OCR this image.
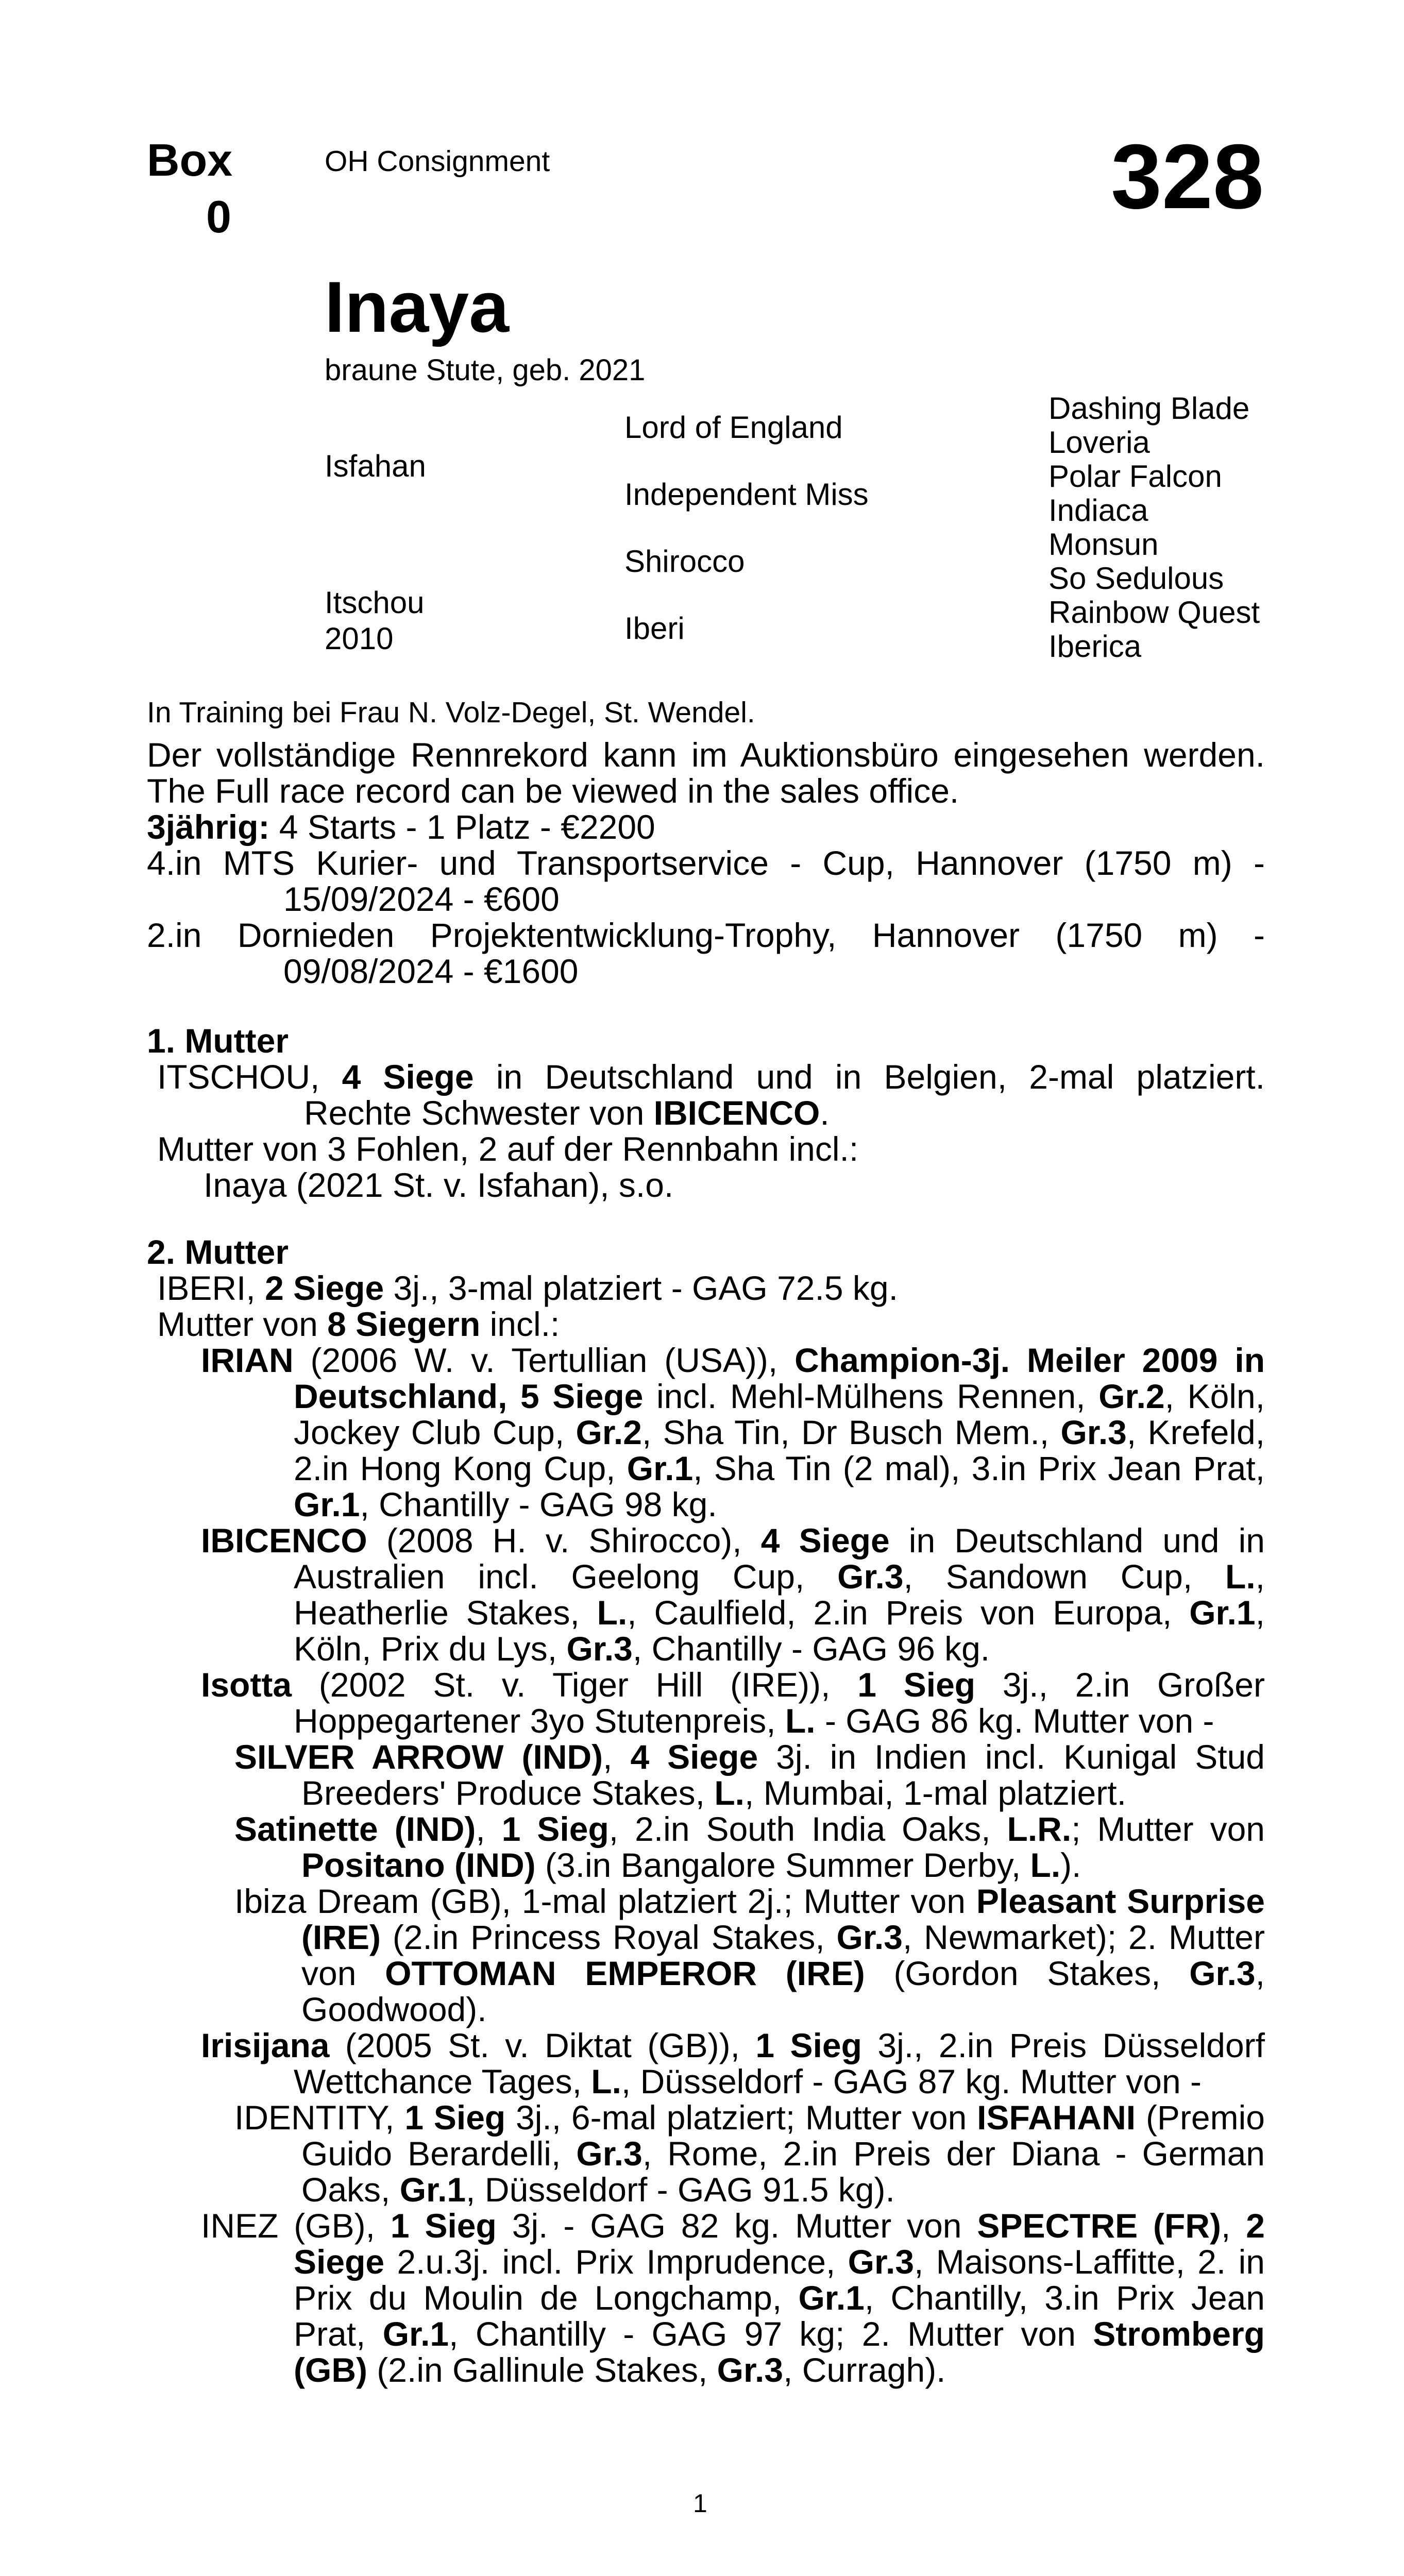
Box
0
OH Consignment	328
Inaya
braune Stute, geb. 2021
Isfahan
Itschou
2010
Lord of England
Independent Miss
Shirocco
Iberi
Dashing Blade
Loveria
Polar Falcon
Indiaca
Monsun
So Sedulous
Rainbow Quest
Iberica
In Training bei Frau N. Volz-Degel, St. Wendel.
Der vollständige Rennrekord kann im Auktionsbüro eingesehen werden.
The Full race record can be viewed in the sales office.
3jährig: 4 Starts - 1 Platz - €2200
4.in MTS Kurier- und Transportservice - Cup, Hannover (1750 m) -
15/09/2024 - €600
2.in Dornieden Projektentwicklung-Trophy, Hannover (1750 m) -
09/08/2024 - €1600
1. Mutter
ITSCHOU, 4 Siege in Deutschland und in Belgien, 2-mal platziert.
Rechte Schwester von IBICENCO.
Mutter von 3 Fohlen, 2 auf der Rennbahn incl.:
Inaya (2021 St. v. Isfahan), s.o.
2. Mutter
IBERI, 2 Siege 3j., 3-mal platziert - GAG 72.5 kg.
Mutter von 8 Siegern incl.:
IRIAN (2006 W. v. Tertullian (USA)), Champion-3j. Meiler 2009 in Deutschland, 5 Siege incl. Mehl-Mülhens Rennen, Gr.2, Köln, Jockey Club Cup, Gr.2, Sha Tin, Dr Busch Mem., Gr.3, Krefeld, 2.in Hong Kong Cup, Gr.1, Sha Tin (2 mal), 3.in Prix Jean Prat, Gr.1, Chantilly - GAG 98 kg.
IBICENCO (2008 H. v. Shirocco), 4 Siege in Deutschland und in Australien incl. Geelong Cup, Gr.3, Sandown Cup, L., Heatherlie Stakes, L., Caulfield, 2.in Preis von Europa, Gr.1, Köln, Prix du Lys, Gr.3, Chantilly - GAG 96 kg.
Isotta (2002 St. v. Tiger Hill (IRE)), 1 Sieg 3j., 2.in Großer Hoppegartener 3yo Stutenpreis, L. - GAG 86 kg. Mutter von -
SILVER ARROW (IND), 4 Siege 3j. in Indien incl. Kunigal Stud Breeders' Produce Stakes, L., Mumbai, 1-mal platziert.
Satinette (IND), 1 Sieg, 2.in South India Oaks, L.R.; Mutter von Positano (IND) (3.in Bangalore Summer Derby, L.).
Ibiza Dream (GB), 1-mal platziert 2j.; Mutter von Pleasant Surprise (IRE) (2.in Princess Royal Stakes, Gr.3, Newmarket); 2. Mutter von OTTOMAN EMPEROR (IRE) (Gordon Stakes, Gr.3, Goodwood).
Irisijana (2005 St. v. Diktat (GB)), 1 Sieg 3j., 2.in Preis Düsseldorf Wettchance Tages, L., Düsseldorf - GAG 87 kg. Mutter von -
IDENTITY, 1 Sieg 3j., 6-mal platziert; Mutter von ISFAHANI (Premio Guido Berardelli, Gr.3, Rome, 2.in Preis der Diana - German Oaks, Gr.1, Düsseldorf - GAG 91.5 kg).
INEZ (GB), 1 Sieg 3j. - GAG 82 kg. Mutter von SPECTRE (FR), 2 Siege 2.u.3j. incl. Prix Imprudence, Gr.3, Maisons-Laffitte, 2. in Prix du Moulin de Longchamp, Gr.1, Chantilly, 3.in Prix Jean Prat, Gr.1, Chantilly - GAG 97 kg; 2. Mutter von Stromberg (GB) (2.in Gallinule Stakes, Gr.3, Curragh).
1
